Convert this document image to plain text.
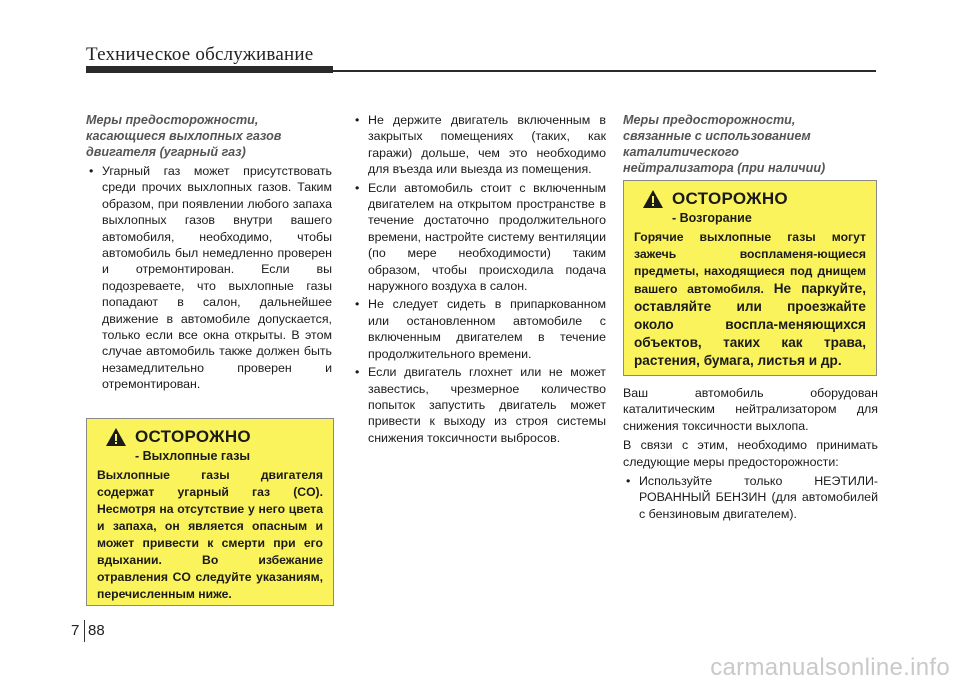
Техническое обслуживание
Меры предосторожности,
касающиеся выхлопных газов
двигателя (угарный газ)
• Угарный газ может присутствовать среди прочих выхлопных газов. Таким образом, при появлении любого запаха выхлопных газов внутри вашего автомобиля, необходимо, чтобы автомобиль был немедленно проверен и отремонтирован. Если вы подозреваете, что выхлопные газы попадают в салон, дальнейшее движение в автомобиле допускается, только если все окна открыты. В этом случае автомобиль также должен быть незамедлительно проверен и отремонтирован.
ОСТОРОЖНО
- Выхлопные газы
Выхлопные газы двигателя содержат угарный газ (CO). Несмотря на отсутствие у него цвета и запаха, он является опасным и может привести к смерти при его вдыхании. Во избежание отравления CO следуйте указаниям, перечисленным ниже.
• Не держите двигатель включенным в закрытых помещениях (таких, как гаражи) дольше, чем это необходимо для въезда или выезда из помещения.
• Если автомобиль стоит с включенным двигателем на открытом пространстве в течение достаточно продолжительного времени, настройте систему вентиляции (по мере необходимости) таким образом, чтобы происходила подача наружного воздуха в салон.
• Не следует сидеть в припаркованном или остановленном автомобиле с включенным двигателем в течение продолжительного времени.
• Если двигатель глохнет или не может завестись, чрезмерное количество попыток запустить двигатель может привести к выходу из строя системы снижения токсичности выбросов.
Меры предосторожности,
связанные с использованием
каталитического
нейтрализатора (при наличии)
ОСТОРОЖНО
- Возгорание
Горячие выхлопные газы могут зажечь воспламеня-ющиеся предметы, находящиеся под днищем вашего автомобиля. Не паркуйте, оставляйте или проезжайте около воспла-меняющихся объектов, таких как трава, растения, бумага, листья и др.
Ваш автомобиль оборудован каталитическим нейтрализатором для снижения токсичности выхлопа.
В связи с этим, необходимо принимать следующие меры предосторожности:
• Используйте только НЕЭТИЛИ-РОВАННЫЙ БЕНЗИН (для автомобилей с бензиновым двигателем).
7 88
carmanualsonline.info
